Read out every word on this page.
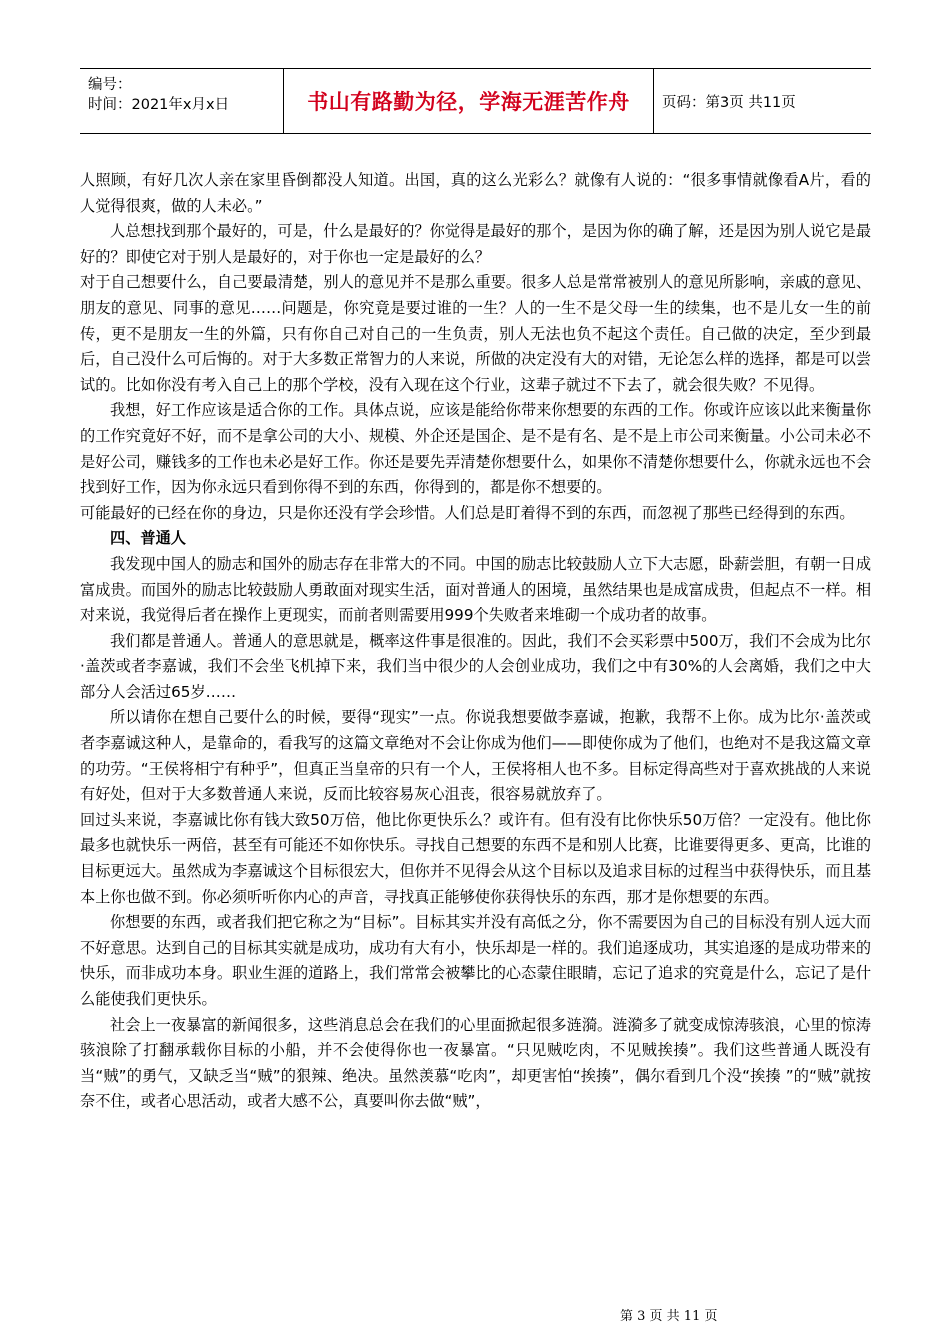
编号：
时间：2021年x月x日	书山有路勤为径，学海无涯苦作舟 页码：第3页 共11页

人照顾，有好几次人亲在家里昏倒都没人知道。出国，真的这么光彩么？就像有人说的：“很多事情就像看A片，看的人觉得很爽，做的人未必。”

人总想找到那个最好的，可是，什么是最好的？你觉得是最好的那个，是因为你的确了解，还是因为别人说它是最好的？即使它对于别人是最好的，对于你也一定是最好的么？

对于自己想要什么，自己要最清楚，别人的意见并不是那么重要。很多人总是常常被别人的意见所影响，亲戚的意见、朋友的意见、同事的意见……问题是，你究竟是要过谁的一生？人的一生不是父母一生的续集，也不是儿女一生的前传，更不是朋友一生的外篇，只有你自己对自己的一生负责，别人无法也负不起这个责任。自己做的决定，至少到最后，自己没什么可后悔的。对于大多数正常智力的人来说，所做的决定没有大的对错，无论怎么样的选择，都是可以尝试的。比如你没有考入自己上的那个学校，没有入现在这个行业，这辈子就过不下去了，就会很失败？不见得。

我想，好工作应该是适合你的工作。具体点说，应该是能给你带来你想要的东西的工作。你或许应该以此来衡量你的工作究竟好不好，而不是拿公司的大小、规模、外企还是国企、是不是有名、是不是上市公司来衡量。小公司未必不是好公司，赚钱多的工作也未必是好工作。你还是要先弄清楚你想要什么，如果你不清楚你想要什么，你就永远也不会找到好工作，因为你永远只看到你得不到的东西，你得到的，都是你不想要的。

可能最好的已经在你的身边，只是你还没有学会珍惜。人们总是盯着得不到的东西，而忽视了那些已经得到的东西。

四、普通人

我发现中国人的励志和国外的励志存在非常大的不同。中国的励志比较鼓励人立下大志愿，卧薪尝胆，有朝一日成富成贵。而国外的励志比较鼓励人勇敢面对现实生活，面对普通人的困境，虽然结果也是成富成贵，但起点不一样。相对来说，我觉得后者在操作上更现实，而前者则需要用999个失败者来堆砌一个成功者的故事。

我们都是普通人。普通人的意思就是，概率这件事是很准的。因此，我们不会买彩票中500万，我们不会成为比尔·盖茨或者李嘉诚，我们不会坐飞机掉下来，我们当中很少的人会创业成功，我们之中有30%的人会离婚，我们之中大部分人会活过65岁……

所以请你在想自己要什么的时候，要得“现实”一点。你说我想要做李嘉诚，抱歉，我帮不上你。成为比尔·盖茨或者李嘉诚这种人，是靠命的，看我写的这篇文章绝对不会让你成为他们——即使你成为了他们，也绝对不是我这篇文章的功劳。“王侯将相宁有种乎”，但真正当皇帝的只有一个人，王侯将相人也不多。目标定得高些对于喜欢挑战的人来说有好处，但对于大多数普通人来说，反而比较容易灰心沮丧，很容易就放弃了。

回过头来说，李嘉诚比你有钱大致50万倍，他比你更快乐么？或许有。但有没有比你快乐50万倍？一定没有。他比你最多也就快乐一两倍，甚至有可能还不如你快乐。寻找自己想要的东西不是和别人比赛，比谁要得更多、更高，比谁的目标更远大。虽然成为李嘉诚这个目标很宏大，但你并不见得会从这个目标以及追求目标的过程当中获得快乐，而且基本上你也做不到。你必须听听你内心的声音，寻找真正能够使你获得快乐的东西，那才是你想要的东西。

你想要的东西，或者我们把它称之为“目标”。目标其实并没有高低之分，你不需要因为自己的目标没有别人远大而不好意思。达到自己的目标其实就是成功，成功有大有小，快乐却是一样的。我们追逐成功，其实追逐的是成功带来的快乐，而非成功本身。职业生涯的道路上，我们常常会被攀比的心态蒙住眼睛，忘记了追求的究竟是什么，忘记了是什么能使我们更快乐。

社会上一夜暴富的新闻很多，这些消息总会在我们的心里面掀起很多涟漪。涟漪多了就变成惊涛骇浪，心里的惊涛骇浪除了打翻承载你目标的小船，并不会使得你也一夜暴富。“只见贼吃肉，不见贼挨揍”。我们这些普通人既没有当“贼”的勇气，又缺乏当“贼”的狠辣、绝决。虽然羡慕“吃肉”，却更害怕“挨揍”，偶尔看到几个没“挨揍 ”的“贼”就按奈不住，或者心思活动，或者大感不公，真要叫你去做“贼”，

第 3 页 共 11 页
